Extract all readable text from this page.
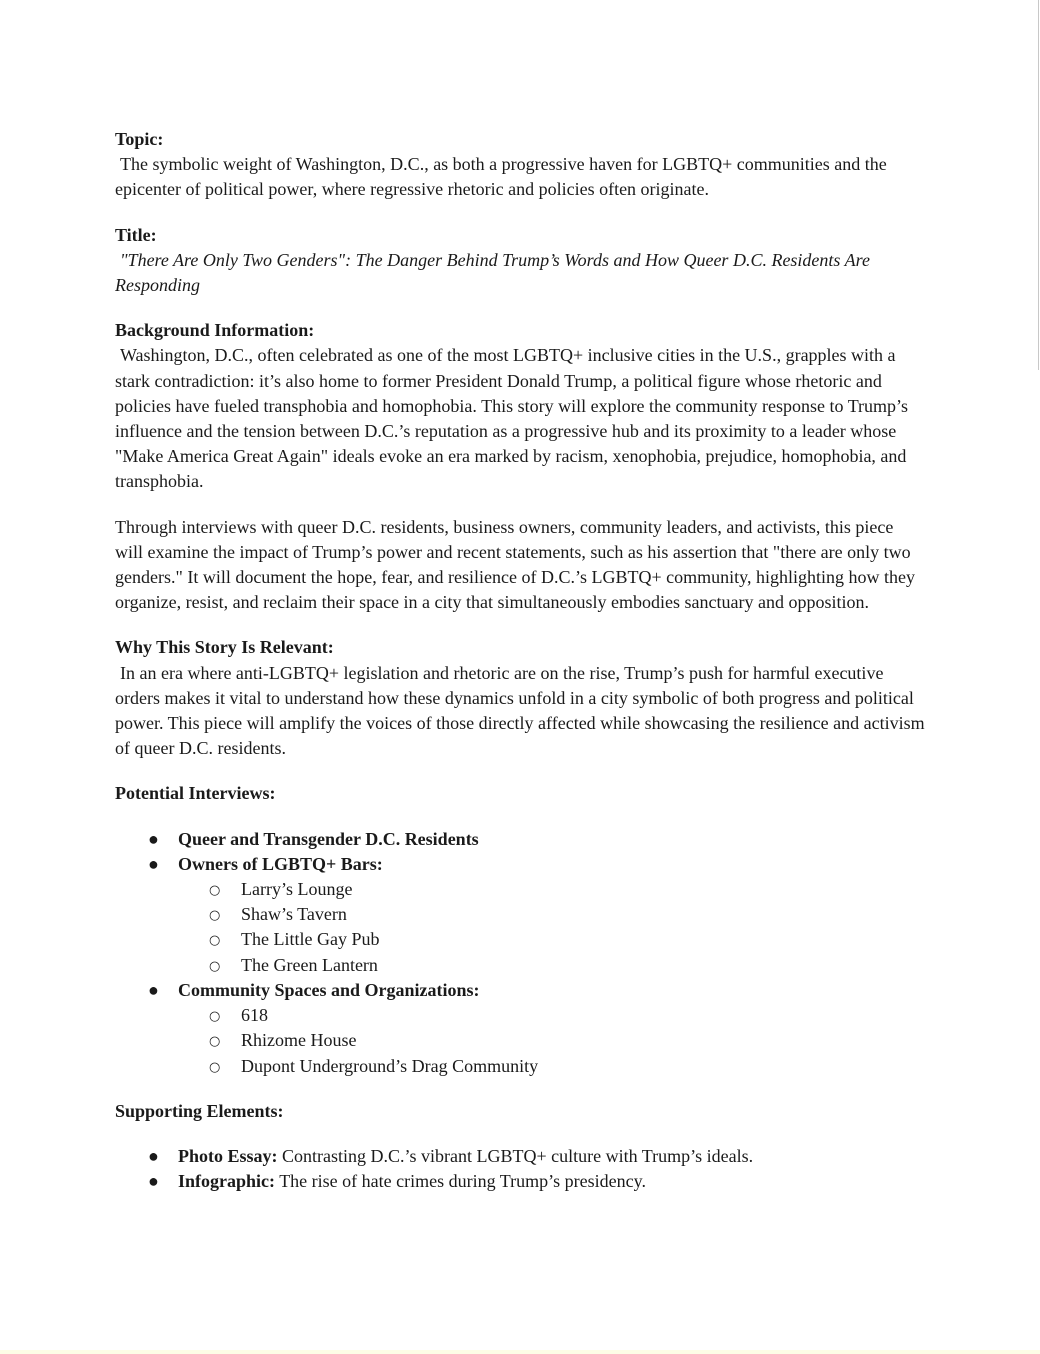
Topic:

The symbolic weight of Washington, D.C., as both a progressive haven for LGBTQ+ communities and the epicenter of political power, where regressive rhetoric and policies often originate.

Title:

"There Are Only Two Genders": The Danger Behind Trump’s Words and How Queer D.C. Residents Are Responding

Background Information:

Washington, D.C., often celebrated as one of the most LGBTQ+ inclusive cities in the U.S., grapples with a stark contradiction: it’s also home to former President Donald Trump, a political figure whose rhetoric and policies have fueled transphobia and homophobia. This story will explore the community response to Trump’s influence and the tension between D.C.’s reputation as a progressive hub and its proximity to a leader whose "Make America Great Again" ideals evoke an era marked by racism, xenophobia, prejudice, homophobia, and transphobia.

Through interviews with queer D.C. residents, business owners, community leaders, and activists, this piece will examine the impact of Trump’s power and recent statements, such as his assertion that "there are only two genders." It will document the hope, fear, and resilience of D.C.’s LGBTQ+ community, highlighting how they organize, resist, and reclaim their space in a city that simultaneously embodies sanctuary and opposition.

Why This Story Is Relevant:

In an era where anti-LGBTQ+ legislation and rhetoric are on the rise, Trump’s push for harmful executive orders makes it vital to understand how these dynamics unfold in a city symbolic of both progress and political power. This piece will amplify the voices of those directly affected while showcasing the resilience and activism of queer D.C. residents.

Potential Interviews:

● Queer and Transgender D.C. Residents
● Owners of LGBTQ+ Bars:
○ Larry’s Lounge
○ Shaw’s Tavern
○ The Little Gay Pub
○ The Green Lantern
● Community Spaces and Organizations:
○ 618
○ Rhizome House
○ Dupont Underground’s Drag Community

Supporting Elements:

● Photo Essay: Contrasting D.C.’s vibrant LGBTQ+ culture with Trump’s ideals.
● Infographic: The rise of hate crimes during Trump’s presidency.
